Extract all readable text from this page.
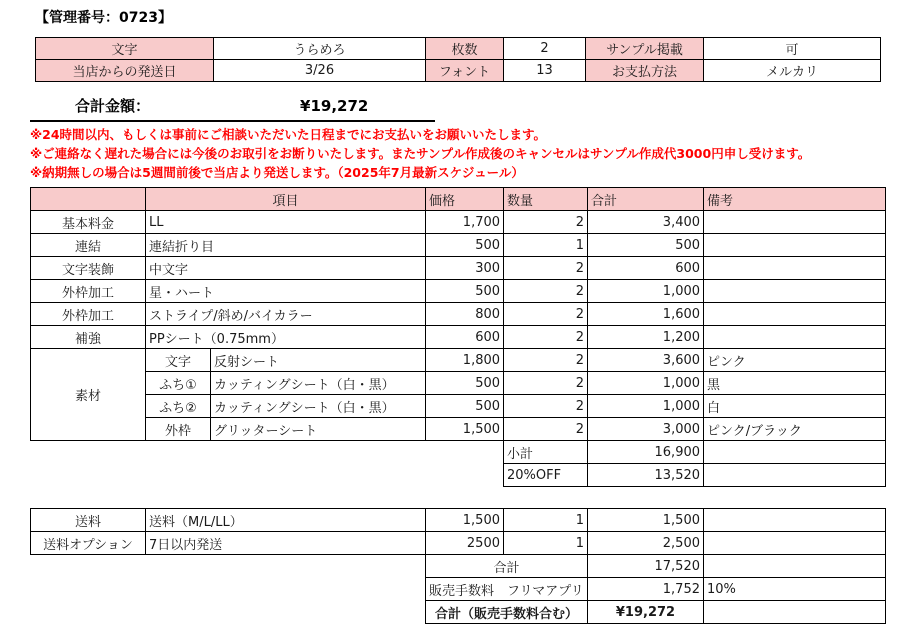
【管理番号：0723】
文字	うらめろ	枚数	2	サンプル掲載	可
当店からの発送日	3/26	フォント	13	お支払方法	メルカリ
合計金額：	¥19,272
※24時間以内、もしくは事前にご相談いただいた日程までにお支払いをお願いいたします。
※ご連絡なく遅れた場合には今後のお取引をお断りいたします。またサンプル作成後のキャンセルはサンプル作成代3000円申し受けます。
※納期無しの場合は5週間前後で当店より発送します。（2025年7月最新スケジュール）
	項目		価格	数量	合計	備考
基本料金	LL		1,700	2	3,400	
連結	連結折り目		500	1	500	
文字装飾	中文字		300	2	600	
外枠加工	星・ハート		500	2	1,000	
外枠加工	ストライプ/斜め/バイカラー		800	2	1,600	
補強	PPシート（0.75mm）		600	2	1,200	
素材	文字	反射シート	1,800	2	3,600	ピンク
	ふち①	カッティングシート（白・黒）	500	2	1,000	黒
	ふち②	カッティングシート（白・黒）	500	2	1,000	白
	外枠	グリッターシート	1,500	2	3,000	ピンク/ブラック
				小計	16,900	
				20%OFF	13,520	
送料	送料（M/L/LL）	1,500	1	1,500	
送料オプション	7日以内発送	2500	1	2,500	
		合計		17,520	
		販売手数料　フリマアプリ		1,752	10%
		合計（販売手数料合む）		¥19,272	
